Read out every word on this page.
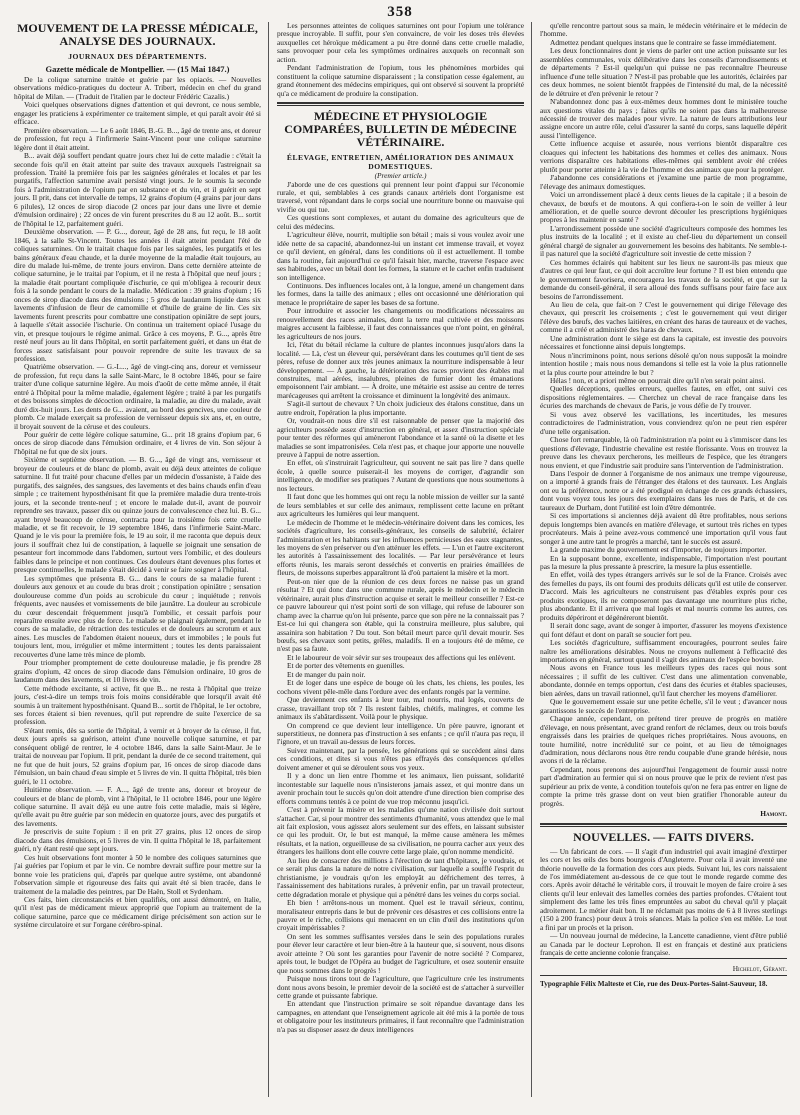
358
MOUVEMENT DE LA PRESSE MÉDICALE, ANALYSE DES JOURNAUX.
JOURNAUX DES DÉPARTEMENTS.
Gazette médicale de Montpellier. — (15 Mai 1847.)

De la colique saturnine traitée et guérie par les opiacés. — Nouvelles observations médico-pratiques du docteur A. Tribert, médecin en chef du grand hôpital de Milan. — (Traduit de l'italien par le docteur Frédéric Cazalis.)

Voici quelques observations dignes d'attention et qui devront, ce nous semble, engager les praticiens à expérimenter ce traitement simple, et qui paraît avoir été si efficace.

Première observation. — Le 6 août 1846, B.-G. B..., âgé de trente ans, et doreur de profession, fut reçu à l'infirmerie Saint-Vincent pour une colique saturnine légère dont il était atteint.

B... avait déjà souffert pendant quatre jours chez lui de cette maladie : c'était la seconde fois qu'il en était atteint par suite des travaux auxquels l'astreignait sa profession. Traité la première fois par les saignées générales et locales et par les purgatifs, l'affection saturnine avait persisté vingt jours. Je le soumis la seconde fois à l'administration de l'opium par en substance et du vin, et il guérit en sept jours. Il prit, dans cet intervalle de temps, 12 grains d'opium (4 grains par jour dans 6 pilules), 12 onces de sirop diacode (2 onces par jour dans une livre et demie d'émulsion ordinaire) ; 22 onces de vin furent prescrites du 8 au 12 août. B... sortit de l'hôpital le 12, parfaitement guéri.

Deuxième observation. — P. G..., doreur, âgé de 28 ans, fut reçu, le 18 août 1846, à la salle St-Vincent. Toutes les années il était atteint pendant l'été de coliques saturnines. On le traitait chaque fois par les saignées, les purgatifs et les bains généraux d'eau chaude, et la durée moyenne de la maladie était toujours, au dire du malade lui-même, de trente jours environ. Dans cette dernière atteinte de colique saturnine, je le traitai par l'opium, et il ne resta à l'hôpital que neuf jours ; la maladie était pourtant compliquée d'ischurie, ce qui m'obligea à recourir deux fois à la sonde pendant le cours de la maladie. Médication : 39 grains d'opium ; 16 onces de sirop diacode dans des émulsions ; 5 gros de laudanum liquide dans six lavements d'infusion de fleur de camomille et d'huile de graine de lin. Ces six lavements furent prescrits pour combattre une constipation opiniâtre de sept jours, à laquelle s'était associée l'ischurie. On continua un traitement opiacé l'usage du vin, et presque toujours le régime animal. Grâce à ces moyens, P. G..., après être resté neuf jours au lit dans l'hôpital, en sortit parfaitement guéri, et dans un état de forces assez satisfaisant pour pouvoir reprendre de suite les travaux de sa profession.

Quatrième observation. — G.-L..., âgé de vingt-cinq ans, doreur et vernisseur de profession, fut reçu dans la salle Saint-Marc, le 8 octobre 1846, pour se faire traiter d'une colique saturnine légère. Au mois d'août de cette même année, il était entré à l'hôpital pour la même maladie, également légère ; traité à par les purgatifs et des boissons simples de décoction ordinaire, la maladie, au dire du malade, avait duré dix-huit jours. Les dents de G... avaient, au bord des gencives, une couleur de plomb. Ce malade exerçait sa profession de vernisseur depuis six ans, et, en outre, il broyait souvent de la céruse et des couleurs.

Pour guérir de cette légère colique saturnine, G... prit 18 grains d'opium par, 6 onces de sirop diacode dans l'émulsion ordinaire, et 4 livres de vin. Son séjour à l'hôpital ne fut que de six jours.

Sixième et septième observation. — B. G..., âgé de vingt ans, vernisseur et broyeur de couleurs et de blanc de plomb, avait eu déjà deux atteintes de colique saturnine. Il fut traité pour chacune d'elles par un médecin d'ossaniste, à l'aide des purgatifs, des saignées, des sangsues, des lavements et des bains chauds enfin d'eau simple ; ce traitement hyposthénisant fit que la première maladie dura trente-trois jours, et la seconde trente-neuf ; et encore le malade dut-il, avant de pouvoir reprendre ses travaux, passer dix ou quinze jours de convalescence chez lui. B. G... ayant broyé beaucoup de céruse, contracta pour la troisième fois cette cruelle maladie, et se fit recevoir, le 19 septembre 1846, dans l'infirmerie Saint-Marc. Quand je le vis pour la première fois, le 19 au soir, il me raconta que depuis deux jours il souffrait chez lui de constipation, à laquelle se joignait une sensation de pesanteur fort incommode dans l'abdomen, surtout vers l'ombilic, et des douleurs faibles dans le principe et non continues. Ces douleurs étant devenues plus fortes et presque continuelles, le malade s'était décidé à venir se faire soigner à l'hôpital.

Les symptômes que présenta B. G... dans le cours de sa maladie furent : douleurs aux genoux et au coude du bras droit ; constipation opiniâtre ; sensation douloureuse comme d'un poids au scrobicule du cœur ; inquiétude ; renvois fréquents, avec nausées et vomissements de bile jaunâtre. La douleur au scrobicule du cœur descendait fréquemment jusqu'à l'ombilic, et cessait parfois pour reparaître ensuite avec plus de force. Le malade se plaignait également, pendant le cours de sa maladie, de rétraction des testicules et de douleurs au scrotum et aux aines. Les muscles de l'abdomen étaient noueux, durs et immobiles ; le pouls fut toujours lent, mou, irrégulier et même intermittent ; toutes les dents paraissaient recouvertes d'une lame très mince de plomb.

Pour triompher promptement de cette douloureuse maladie, je fis prendre 28 grains d'opium, 42 onces de sirop diacode dans l'émulsion ordinaire, 10 gros de laudanum dans des lavements, et 10 livres de vin.

Cette méthode excitante, si active, fit que B... ne resta à l'hôpital que treize jours, c'est-à-dire un temps trois fois moins considérable que lorsqu'il avait été soumis à un traitement hyposthénisant. Quand B... sortit de l'hôpital, le 1er octobre, ses forces étaient si bien revenues, qu'il put reprendre de suite l'exercice de sa profession.

S'étant remis, dès sa sortie de l'hôpital, à vernir et à broyer de la céruse, il fut, deux jours après sa guérison, atteint d'une nouvelle colique saturnine, et par conséquent obligé de rentrer, le 4 octobre 1846, dans la salle Saint-Maur. Je le traitai de nouveau par l'opium. Il prit, pendant la durée de ce second traitement, qui ne fut que de huit jours, 52 grains d'opium par, 16 onces de sirop diacode dans l'émulsion, un bain chaud d'eau simple et 5 livres de vin. Il quitta l'hôpital, très bien guéri, le 11 octobre.

Huitième observation. — F. A..., âgé de trente ans, doreur et broyeur de couleurs et de blanc de plomb, vint à l'hôpital, le 11 octobre 1846, pour une légère colique saturnine. Il avait déjà eu une autre fois cette maladie, mais si légère, qu'elle avait pu être guérie par son médecin en quatorze jours, avec des purgatifs et des lavements.

Je prescrivis de suite l'opium : il en prit 27 grains, plus 12 onces de sirop diacode dans des émulsions, et 5 livres de vin. Il quitta l'hôpital le 18, parfaitement guéri, n'y étant resté que sept jours.

Ces huit observations font monter à 50 le nombre des coliques saturnines que j'ai guéries par l'opium et par le vin. Ce nombre devrait suffire pour mettre sur la bonne voie les praticiens qui, d'après par quelque autre système, ont abandonné l'observation simple et rigoureuse des faits qui avait été si bien tracée, dans le traitement de la maladie des peintres, par De Haën, Stoll et Sydenham.

Ces faits, bien circonstanciés et bien qualifiés, ont aussi démontré, en Italie, qu'il n'est pas de médicament mieux approprié que l'opium au traitement de la colique saturnine, parce que ce médicament dirige précisément son action sur le système circulatoire et sur l'organe cérébro-spinal.

Les personnes atteintes de coliques saturnines ont pour l'opium une tolérance presque incroyable. Il suffit, pour s'en convaincre, de voir les doses très élevées auxquelles cet héroïque médicament a pu être donné dans cette cruelle maladie, sans provoquer pour cela les symptômes ordinaires auxquels on reconnaît son action.

Pendant l'administration de l'opium, tous les phénomènes morbides qui constituent la colique saturnine disparaissent ; la constipation cesse également, au grand étonnement des médecins empiriques, qui ont observé si souvent la propriété qu'a ce médicament de produire la constipation.

MÉDECINE ET PHYSIOLOGIE COMPARÉES, BULLETIN DE MÉDECINE VÉTÉRINAIRE.
ÉLEVAGE, ENTRETIEN, AMÉLIORATION DES ANIMAUX DOMESTIQUES.
(Premier article.)

J'aborde une de ces questions qui prennent leur point d'appui sur l'économie rurale, et qui, semblables à ces grands canaux artériels dont l'organisme est traversé, vont répandant dans le corps social une nourriture bonne ou mauvaise qui vivifie ou qui tue.

Ces questions sont complexes, et autant du domaine des agriculteurs que de celui des médecins.

L'agriculteur élève, nourrit, multiplie son bétail ; mais si vous voulez avoir une idée nette de sa capacité, abandonnez-lui un instant cet immense travail, et voyez ce qu'il devient, en général, dans les conditions où il est actuellement. Il tombe dans la routine, fait aujourd'hui ce qu'il faisait hier, marche, traverse l'espace avec ses habitudes, avec un bétail dont les formes, la stature et le cachet enfin traduisent son intelligence.

Continuons. Des influences locales ont, à la longue, amené un changement dans les formes, dans la taille des animaux ; elles ont occasionné une détérioration qui menace le propriétaire de saper les bases de sa fortune.

Pour introduire et associer les changements ou modifications nécessaires au renouvellement des races animales, dont la terre mal cultivée et des moissons maigres accusent la faiblesse, il faut des connaissances que n'ont point, en général, les agriculteurs de nos jours.

Ici, l'état du bétail réclame la culture de plantes inconnues jusqu'alors dans la localité. — Là, c'est un éleveur qui, persévérant dans les coutumes qu'il tient de ses pères, refuse de donner aux très jeunes animaux la nourriture indispensable à leur développement. — À gauche, la détérioration des races provient des étables mal construites, mal aérées, insalubres, pleines de fumier dont les émanations empoisonnent l'air ambiant. — À droite, une métairie est assise au centre de terres marécageuses qui arrêtent la croissance et diminuent la longévité des animaux.

S'agit-il surtout de chevaux ? Un choix judicieux des étalons constitue, dans un autre endroit, l'opération la plus importante.

Or, voudrait-on nous dire s'il est raisonnable de penser que la majorité des agriculteurs possède assez d'instruction en général, et assez d'instruction spéciale pour tenter des réformes qui amèneront l'abondance et la santé où la disette et les maladies se sont impatronisées. Cela n'est pas, et chaque jour apporte une nouvelle preuve à l'appui de notre assertion.

En effet, où s'instruirait l'agriculteur, qui souvent ne sait pas lire ? dans quelle école, à quelle source puiserait-il les moyens de corriger, d'agrandir son intelligence, de modifier ses pratiques ? Autant de questions que nous soumettons à nos lecteurs.

Il faut donc que les hommes qui ont reçu la noble mission de veiller sur la santé de leurs semblables et sur celle des animaux, remplissent cette lacune en prêtant aux agriculteurs les lumières qui leur manquent.

Le médecin de l'homme et le médecin-vétérinaire doivent dans les comices, les sociétés d'agriculture, les conseils-généraux, les conseils de salubrité, éclairer l'administration et les habitants sur les influences pernicieuses des eaux stagnantes, les moyens de s'en préserver ou d'en atténuer les effets. — L'un et l'autre exciteront les autorités à l'assainissement des localités. — Par leur persévérance et leurs efforts réunis, les marais seront desséchés et convertis en prairies émaillées de fleurs, de moissons superbes apparaîtront là d'où partaient la misère et la mort.

Peut-on nier que de la réunion de ces deux forces ne naisse pas un grand résultat ? Et qui donc dans une commune rurale, après le médecin et le médecin vétérinaire, aurait plus d'instruction acquise et serait le meilleur conseiller ? Est-ce ce pauvre laboureur qui n'est point sorti de son village, qui refuse de labourer son champ avec la charrue qu'on lui présente, parce que son père ne la connaissait pas ? Est-ce lui qui changera son étable, qui la construira meilleure, plus salubre, qui assainira son habitation ? Du tout. Son bétail meurt parce qu'il devait mourir. Ses bœufs, ses chevaux sont petits, grêles, maladifs. Il en a toujours été de même, ce n'est pas sa faute.

Et le laboureur de voir sévir sur ses troupeaux des affections qui les enlèvent.

Et de porter des vêtements en guenilles.

Et de manger du pain noir.

Et de loger dans une espèce de bouge où les chats, les chiens, les poules, les cochons vivent pêle-mêle dans l'ordure avec des enfants rongés par la vermine.

Que deviennent ces enfants à leur tour, mal nourris, mal logés, couverts de crasse, travaillant trop tôt ? Ils restent faibles, chétifs, malingres, et comme les animaux ils s'abâtardissent. Voilà pour le physique.

On comprend ce que devient leur intelligence. Un père pauvre, ignorant et superstitieux, ne donnera pas d'instruction à ses enfants ; ce qu'il n'aura pas reçu, il l'ignore, et un travail au-dessus de leurs forces.

Suivez maintenant, par la pensée, les générations qui se succèdent ainsi dans ces conditions, et dites si vous n'êtes pas effrayés des conséquences qu'elles doivent amener et qui se déroulent sous vos yeux.

Il y a donc un lien entre l'homme et les animaux, lien puissant, solidarité incontestable sur laquelle nous n'insisterons jamais assez, et qui montre dans un avenir prochain tout le succès qu'on doit attendre d'une direction bien comprise des efforts communs tentés à ce point de vue trop méconnu jusqu'ici.

C'est à prévenir la misère et les maladies qu'une nation civilisée doit surtout s'attacher. Car, si pour montrer des sentiments d'humanité, vous attendez que le mal ait fait explosion, vous agissez alors seulement sur des effets, en laissant subsister ce qui les produit. Or, le but est manqué, la même cause amènera les mêmes résultats, et la nation, orgueilleuse de sa civilisation, ne pourra cacher aux yeux des étrangers les haillons dont elle couvre cette large plaie, qu'on nomme mendicité.

Au lieu de consacrer des millions à l'érection de tant d'hôpitaux, je voudrais, et ce serait plus dans la nature de notre civilisation, sur laquelle a soufflé l'esprit du christianisme, je voudrais qu'on les employât au défrichement des terres, à l'assainissement des habitations rurales, à prévenir enfin, par un travail protecteur, cette dégradation morale et physique qui a pénétré dans les veines du corps social.

Eh bien ! arrêtons-nous un moment. Quel est le travail sérieux, continu, moralisateur entrepris dans le but de prévenir ces désastres et ces collisions entre la pauvre et le riche, collisions qui menacent en un clin d'œil des institutions qu'on croyait impérissables ?

On sent les sommes suffisantes versées dans le sein des populations rurales pour élever leur caractère et leur bien-être à la hauteur que, si souvent, nous disons avoir atteinte ? Où sont les garanties pour l'avenir de notre société ? Comparez, après tout, le budget de l'Opéra au budget de l'agriculture, et osez soutenir ensuite que nous sommes dans le progrès !

Puisque nous tirons tout de l'agriculture, que l'agriculture crée les instruments dont nous avons besoin, le premier devoir de la société est de s'attacher à surveiller cette grande et puissante fabrique.

En attendant que l'instruction primaire se soit répandue davantage dans les campagnes, en attendant que l'enseignement agricole ait été mis à la portée de tous et obligatoire pour les instituteurs primaires, il faut reconnaître que l'administration n'a pas su disposer assez de deux intelligences

qu'elle rencontre partout sous sa main, le médecin vétérinaire et le médecin de l'homme.

Admettez pendant quelques instans que le contraire se fasse immédiatement.

Les deux fonctionnaires dont je viens de parler ont une action puissante sur les assemblées communales, voix délibérative dans les conseils d'arrondissements et de départements ? Est-il quelqu'un qui puisse ne pas reconnaître l'heureuse influence d'une telle situation ? N'est-il pas probable que les autorités, éclairées par ces deux hommes, ne soient bientôt frappées de l'intensité du mal, de la nécessité de le détruire et d'en prévenir le retour ?

N'abandonnez donc pas à eux-mêmes deux hommes dont le ministère touche aux questions vitales du pays ; faites qu'ils ne soient pas dans la malheureuse nécessité de trouver des malades pour vivre. La nature de leurs attributions leur assigne encore un autre rôle, celui d'assurer la santé du corps, sans laquelle dépérit aussi l'intelligence.

Cette influence acquise et assurée, nous verrions bientôt disparaître ces cloaques qui infectent les habitations des hommes et celles des animaux. Nous verrions disparaître ces habitations elles-mêmes qui semblent avoir été créées plutôt pour porter atteinte à la vie de l'homme et des animaux que pour la protéger.

J'abandonne ces considérations et j'examine une partie de mon programme, l'élevage des animaux domestiques.

Voici un arrondissement placé à deux cents lieues de la capitale ; il a besoin de chevaux, de bœufs et de moutons. A qui confiera-t-on le soin de veiller à leur amélioration, et de quelle source devront découler les prescriptions hygiéniques propres à les maintenir en santé ?

L'arrondissement possède une société d'agriculteurs composée des hommes les plus instruits de la localité ; et il existe au chef-lieu du département un conseil général chargé de signaler au gouvernement les besoins des habitants. Ne semble-t-il pas naturel que la société d'agriculture soit investie de cette mission ?

Ces hommes éclairés qui habitent sur les lieux ne sauront-ils pas mieux que d'autres ce qui leur faut, ce qui doit accroître leur fortune ? Il est bien entendu que le gouvernement favorisera, encouragera les travaux de la société, et que sur la demande du conseil-général, il sera alloué des fonds suffisans pour faire face aux besoins de l'arrondissement.

Au lieu de cela, que fait-on ? C'est le gouvernement qui dirige l'élevage des chevaux, qui prescrit les croisements ; c'est le gouvernement qui veut diriger l'élève des bœufs, des vaches laitières, en créant des haras de taureaux et de vaches, comme il a créé et administré des haras de chevaux.

Une administration dont le siège est dans la capitale, est investie des pouvoirs nécessaires et fonctionne ainsi depuis longtemps.

Nous n'incriminons point, nous serions désolé qu'on nous supposât la moindre intention hostile ; mais nous nous demandons si telle est la voie la plus rationnelle et la plus courte pour atteindre le but ?

Hélas ! non, et a priori même on pourrait dire qu'il n'en serait point ainsi.

Quelles déceptions, quelles erreurs, quelles fautes, en effet, ont suivi ces dispositions réglementaires. — Cherchez un cheval de race française dans les écuries des marchands de chevaux de Paris, je vous défie de l'y trouver.

Si vous avez observé les vacillations, les incertitudes, les mesures contradictoires de l'administration, vous conviendrez qu'on ne peut rien espérer d'une telle organisation.

Chose fort remarquable, là où l'administration n'a point eu à s'immiscer dans les questions d'élevage, l'industrie chevaline est restée florissante. Vous en trouvez la preuve dans les chevaux percherons, les meilleurs de l'espèce, que les étrangers nous envient, et que l'industrie sait produire sans l'intervention de l'administration.

Dans l'espoir de donner à l'organisme de nos animaux une trempe vigoureuse, on a importé à grands frais de l'étranger des étalons et des taureaux. Les Anglais ont eu la préférence, notre or a été prodigué en échange de ces grands échassiers, dont vous voyez tous les jours des exemplaires dans les rues de Paris, et de ces taureaux de Durham, dont l'utilité est loin d'être démontrée.

Si ces importations si anciennes déjà avaient dû être profitables, nous serions depuis longtemps bien avancés en matière d'élevage, et surtout très riches en types procréateurs. Mais à peine avez-vous commencé une importation qu'il vous faut songer à une autre tant le progrès a marché, tant le succès est assuré.

La grande maxime du gouvernement est d'importer, de toujours importer.

En la supposant bonne, excellente, indispensable, l'importation n'est pourtant pas la mesure la plus pressante à prescrire, la mesure la plus essentielle.

En effet, voilà des types étrangers arrivés sur le sol de la France. Croisés avec des femelles du pays, ils ont fourni des produits délicats qu'il est utile de conserver. D'accord. Mais les agriculteurs ne construisent pas d'étables exprès pour ces produits exotiques, ils ne composeront pas davantage une nourriture plus riche, plus abondante. Et il arrivera que mal logés et mal nourris comme les autres, ces produits dépériront et dégénéreront bientôt.

Il serait donc sage, avant de songer à importer, d'assurer les moyens d'existence qui font défaut et dont on paraît se soucier fort peu.

Les sociétés d'agriculture, suffisamment encouragées, pourront seules faire naître les améliorations désirables. Nous ne croyons nullement à l'efficacité des importations en général, surtout quand il s'agit des animaux de l'espèce bovine.

Nous avons en France tous les meilleurs types des races qui nous sont nécessaires ; il suffit de les cultiver. C'est dans une alimentation convenable, abondante, donnée en temps opportun, c'est dans des écuries et étables spacieuses, bien aérées, dans un travail rationnel, qu'il faut chercher les moyens d'améliorer.

Que le gouvernement essaie sur une petite échelle, s'il le veut ; d'avancer nous garantissons le succès de l'entreprise.

Chaque année, cependant, on prétend tirer preuve de progrès en matière d'élevage, en nous présentant, avec grand renfort de réclames, deux ou trois bœufs engraissés dans les prairies de quelques riches propriétaires. Nous avouons, en toute humilité, notre incrédulité sur ce point, et au lieu de témoignages d'admiration, nous déclarons nous être rendu coupable d'une grande hérésie, nous avons ri de la réclame.

Cependant, nous prenons des aujourd'hui l'engagement de fournir aussi notre part d'admiration au fermier qui si on nous prouve que le prix de revient n'est pas supérieur au prix de vente, à condition toutefois qu'on ne fera pas entrer en ligne de compte la prime très grasse dont on veut bien gratifier l'honorable auteur du progrès.

Hamont.
NOUVELLES. — FAITS DIVERS.

— Un fabricant de cors. — Il s'agit d'un industriel qui avait imaginé d'extirper les cors et les œils des bons bourgeois d'Angleterre. Pour cela il avait inventé une théorie nouvelle de la formation des cors aux pieds. Suivant lui, les cors naissaient de l'os immédiatement au-dessous de ce que tout le monde regarde comme des cors. Après avoir détaché le véritable cors, il trouvait le moyen de faire croire à ses clients qu'il leur enlevait des lamelles cornées des parties profondes. C'étaient tout simplement des lame les très fines empruntées au sabot du cheval qu'il y plaçait adroitement. Le métier était bon. Il ne réclamait pas moins de 6 à 8 livres sterlings (150 à 200 francs) pour deux à trois séances. Mais la police s'en est mêlée. Le tout a fini par un procès et la prison.

— Un nouveau journal de médecine, la Lancette canadienne, vient d'être publié au Canada par le docteur Leprohon. Il est en français et destiné aux praticiens français de cette ancienne colonie française.

Hichelot, Gérant.
Typographie Félix Malteste et Cie, rue des Deux-Portes-Saint-Sauveur, 18.
